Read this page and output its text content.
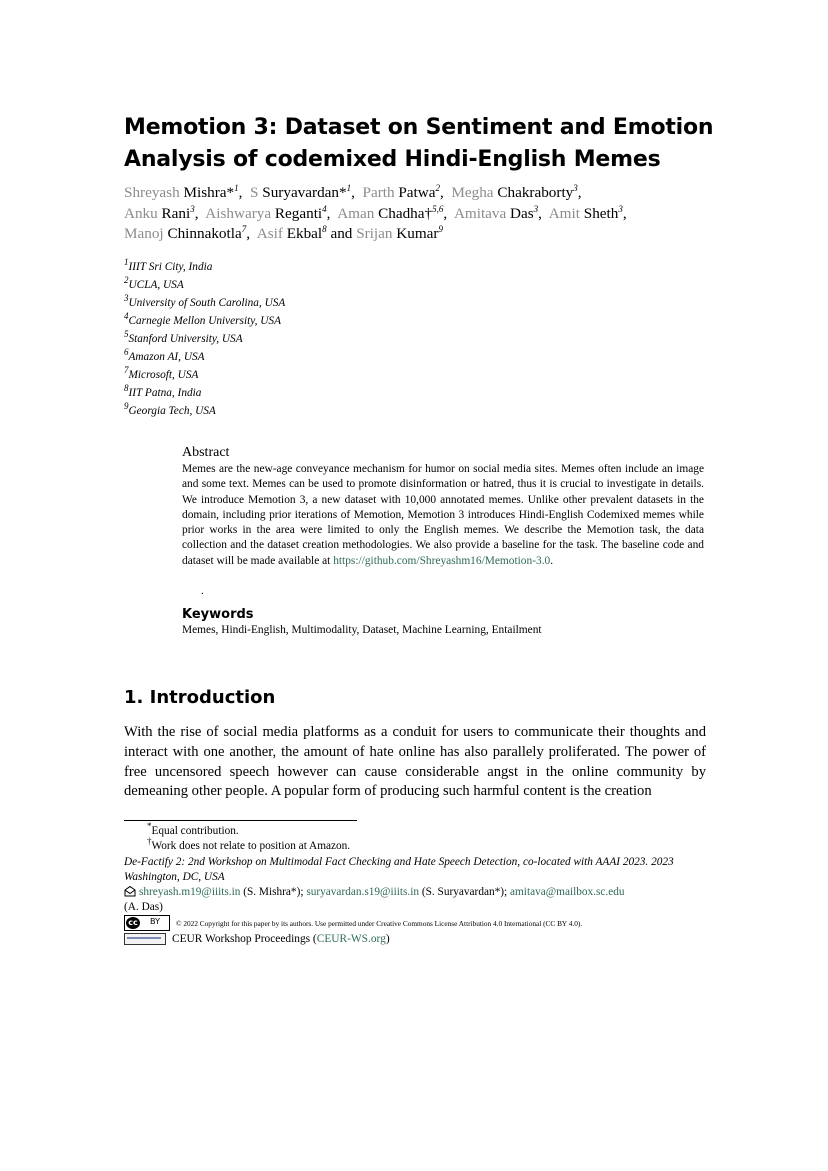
Memotion 3: Dataset on Sentiment and Emotion
Analysis of codemixed Hindi-English Memes
Shreyash Mishra*$^1$,  S Suryavardan*$^1$,  Parth Patwa$^2$,  Megha Chakraborty$^3$,
Anku Rani$^3$,  Aishwarya Reganti$^4$,  Aman Chadha†$^{5,6}$,  Amitava Das$^3$,  Amit Sheth$^3$,
Manoj Chinnakotla$^7$,  Asif Ekbal$^8$ and Srijan Kumar$^9$
$^1$IIIT Sri City, India
$^2$UCLA, USA
$^3$University of South Carolina, USA
$^4$Carnegie Mellon University, USA
$^5$Stanford University, USA
$^6$Amazon AI, USA
$^7$Microsoft, USA
$^8$IIT Patna, India
$^9$Georgia Tech, USA
Abstract
Memes are the new-age conveyance mechanism for humor on social media sites. Memes often include an image and some text. Memes can be used to promote disinformation or hatred, thus it is crucial to investigate in details. We introduce Memotion 3, a new dataset with 10,000 annotated memes. Unlike other prevalent datasets in the domain, including prior iterations of Memotion, Memotion 3 introduces Hindi-English Codemixed memes while prior works in the area were limited to only the English memes. We describe the Memotion task, the data collection and the dataset creation methodologies. We also provide a baseline for the task. The baseline code and dataset will be made available at https://github.com/Shreyashm16/Memotion-3.0.
.
Keywords
Memes, Hindi-English, Multimodality, Dataset, Machine Learning, Entailment
1. Introduction
With the rise of social media platforms as a conduit for users to communicate their thoughts and interact with one another, the amount of hate online has also parallely proliferated. The power of free uncensored speech however can cause considerable angst in the online community by demeaning other people. A popular form of producing such harmful content is the creation
*Equal contribution.
†Work does not relate to position at Amazon.
De-Factify 2: 2nd Workshop on Multimodal Fact Checking and Hate Speech Detection, co-located with AAAI 2023. 2023 Washington, DC, USA
shreyash.m19@iiits.in (S. Mishra*); suryavardan.s19@iiits.in (S. Suryavardan*); amitava@mailbox.sc.edu
(A. Das)
cc	BY	© 2022 Copyright for this paper by its authors. Use permitted under Creative Commons License Attribution 4.0 International (CC BY 4.0).
CEUR Workshop Proceedings (CEUR-WS.org)
